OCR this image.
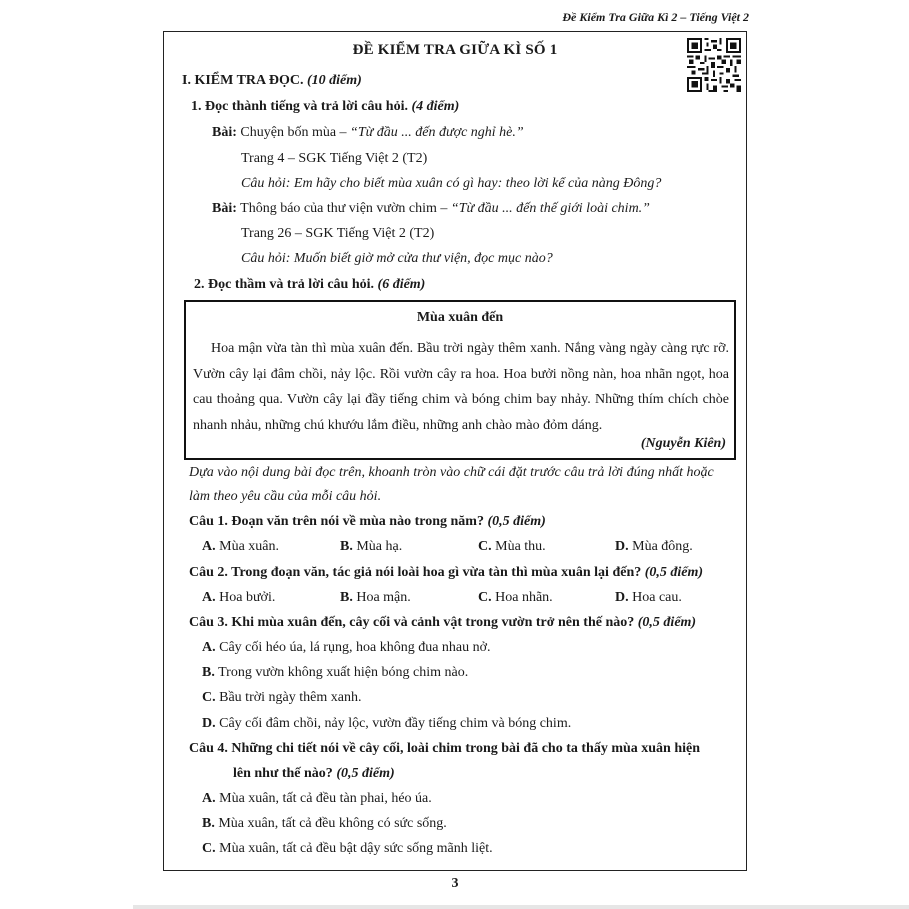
Đề Kiểm Tra Giữa Kì 2 – Tiếng Việt 2
ĐỀ KIỂM TRA GIỮA KÌ SỐ 1
I. KIỂM TRA ĐỌC. (10 điểm)
1. Đọc thành tiếng và trả lời câu hỏi. (4 điểm)
Bài: Chuyện bốn mùa – “Từ đầu ... đến được nghỉ hè.”
Trang 4 – SGK Tiếng Việt 2 (T2)
Câu hỏi: Em hãy cho biết mùa xuân có gì hay: theo lời kể của nàng Đông?
Bài: Thông báo của thư viện vườn chim – “Từ đầu ... đến thế giới loài chim.”
Trang 26 – SGK Tiếng Việt 2 (T2)
Câu hỏi: Muốn biết giờ mở cửa thư viện, đọc mục nào?
2. Đọc thầm và trả lời câu hỏi. (6 điểm)
Mùa xuân đến
Hoa mận vừa tàn thì mùa xuân đến. Bầu trời ngày thêm xanh. Nắng vàng ngày càng rực rỡ. Vườn cây lại đâm chồi, nảy lộc. Rồi vườn cây ra hoa. Hoa bưởi nồng nàn, hoa nhãn ngọt, hoa cau thoảng qua. Vườn cây lại đầy tiếng chim và bóng chim bay nhảy. Những thím chích chòe nhanh nhảu, những chú khướu lắm điều, những anh chào mào đỏm dáng.
(Nguyễn Kiên)
Dựa vào nội dung bài đọc trên, khoanh tròn vào chữ cái đặt trước câu trả lời đúng nhất hoặc
làm theo yêu cầu của mỗi câu hỏi.
Câu 1. Đoạn văn trên nói về mùa nào trong năm? (0,5 điểm)
A. Mùa xuân.	B. Mùa hạ.	C. Mùa thu.	D. Mùa đông.
Câu 2. Trong đoạn văn, tác giả nói loài hoa gì vừa tàn thì mùa xuân lại đến? (0,5 điểm)
A. Hoa bưởi.	B. Hoa mận.	C. Hoa nhãn.	D. Hoa cau.
Câu 3. Khi mùa xuân đến, cây cối và cảnh vật trong vườn trở nên thế nào? (0,5 điểm)
A. Cây cối héo úa, lá rụng, hoa không đua nhau nở.
B. Trong vườn không xuất hiện bóng chim nào.
C. Bầu trời ngày thêm xanh.
D. Cây cối đâm chồi, nảy lộc, vườn đầy tiếng chim và bóng chim.
Câu 4. Những chi tiết nói về cây cối, loài chim trong bài đã cho ta thấy mùa xuân hiện
lên như thế nào? (0,5 điểm)
A. Mùa xuân, tất cả đều tàn phai, héo úa.
B. Mùa xuân, tất cả đều không có sức sống.
C. Mùa xuân, tất cả đều bật dậy sức sống mãnh liệt.
3
